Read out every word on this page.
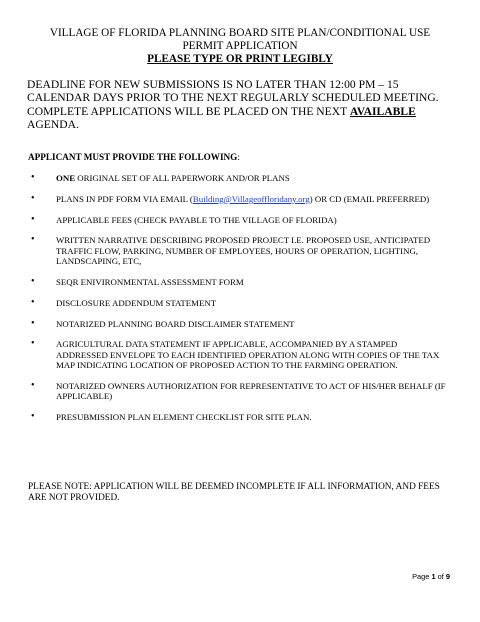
VILLAGE OF FLORIDA PLANNING BOARD SITE PLAN/CONDITIONAL USE PERMIT APPLICATION
PLEASE TYPE OR PRINT LEGIBLY
DEADLINE FOR NEW SUBMISSIONS IS NO LATER THAN 12:00 PM – 15 CALENDAR DAYS PRIOR TO THE NEXT REGULARLY SCHEDULED MEETING.
COMPLETE APPLICATIONS WILL BE PLACED ON THE NEXT AVAILABLE
AGENDA.
APPLICANT MUST PROVIDE THE FOLLOWING:
• ONE ORIGINAL SET OF ALL PAPERWORK AND/OR PLANS
• PLANS IN PDF FORM VIA EMAIL (Building@Villageoffloridany.org) OR CD (EMAIL PREFERRED)
• APPLICABLE FEES (CHECK PAYABLE TO THE VILLAGE OF FLORIDA)
• WRITTEN NARRATIVE DESCRIBING PROPOSED PROJECT I.E. PROPOSED USE, ANTICIPATED TRAFFIC FLOW, PARKING, NUMBER OF EMPLOYEES, HOURS OF OPERATION, LIGHTING, LANDSCAPING, ETC,
• SEQR ENIVIRONMENTAL ASSESSMENT FORM
• DISCLOSURE ADDENDUM STATEMENT
• NOTARIZED PLANNING BOARD DISCLAIMER STATEMENT
• AGRICULTURAL DATA STATEMENT IF APPLICABLE, ACCOMPANIED BY A STAMPED ADDRESSED ENVELOPE TO EACH IDENTIFIED OPERATION ALONG WITH COPIES OF THE TAX MAP INDICATING LOCATION OF PROPOSED ACTION TO THE FARMING OPERATION.
• NOTARIZED OWNERS AUTHORIZATION FOR REPRESENTATIVE TO ACT OF HIS/HER BEHALF (IF APPLICABLE)
• PRESUBMISSION PLAN ELEMENT CHECKLIST FOR SITE PLAN.
PLEASE NOTE: APPLICATION WILL BE DEEMED INCOMPLETE IF ALL INFORMATION, AND FEES ARE NOT PROVIDED.
Page 1 of 9
